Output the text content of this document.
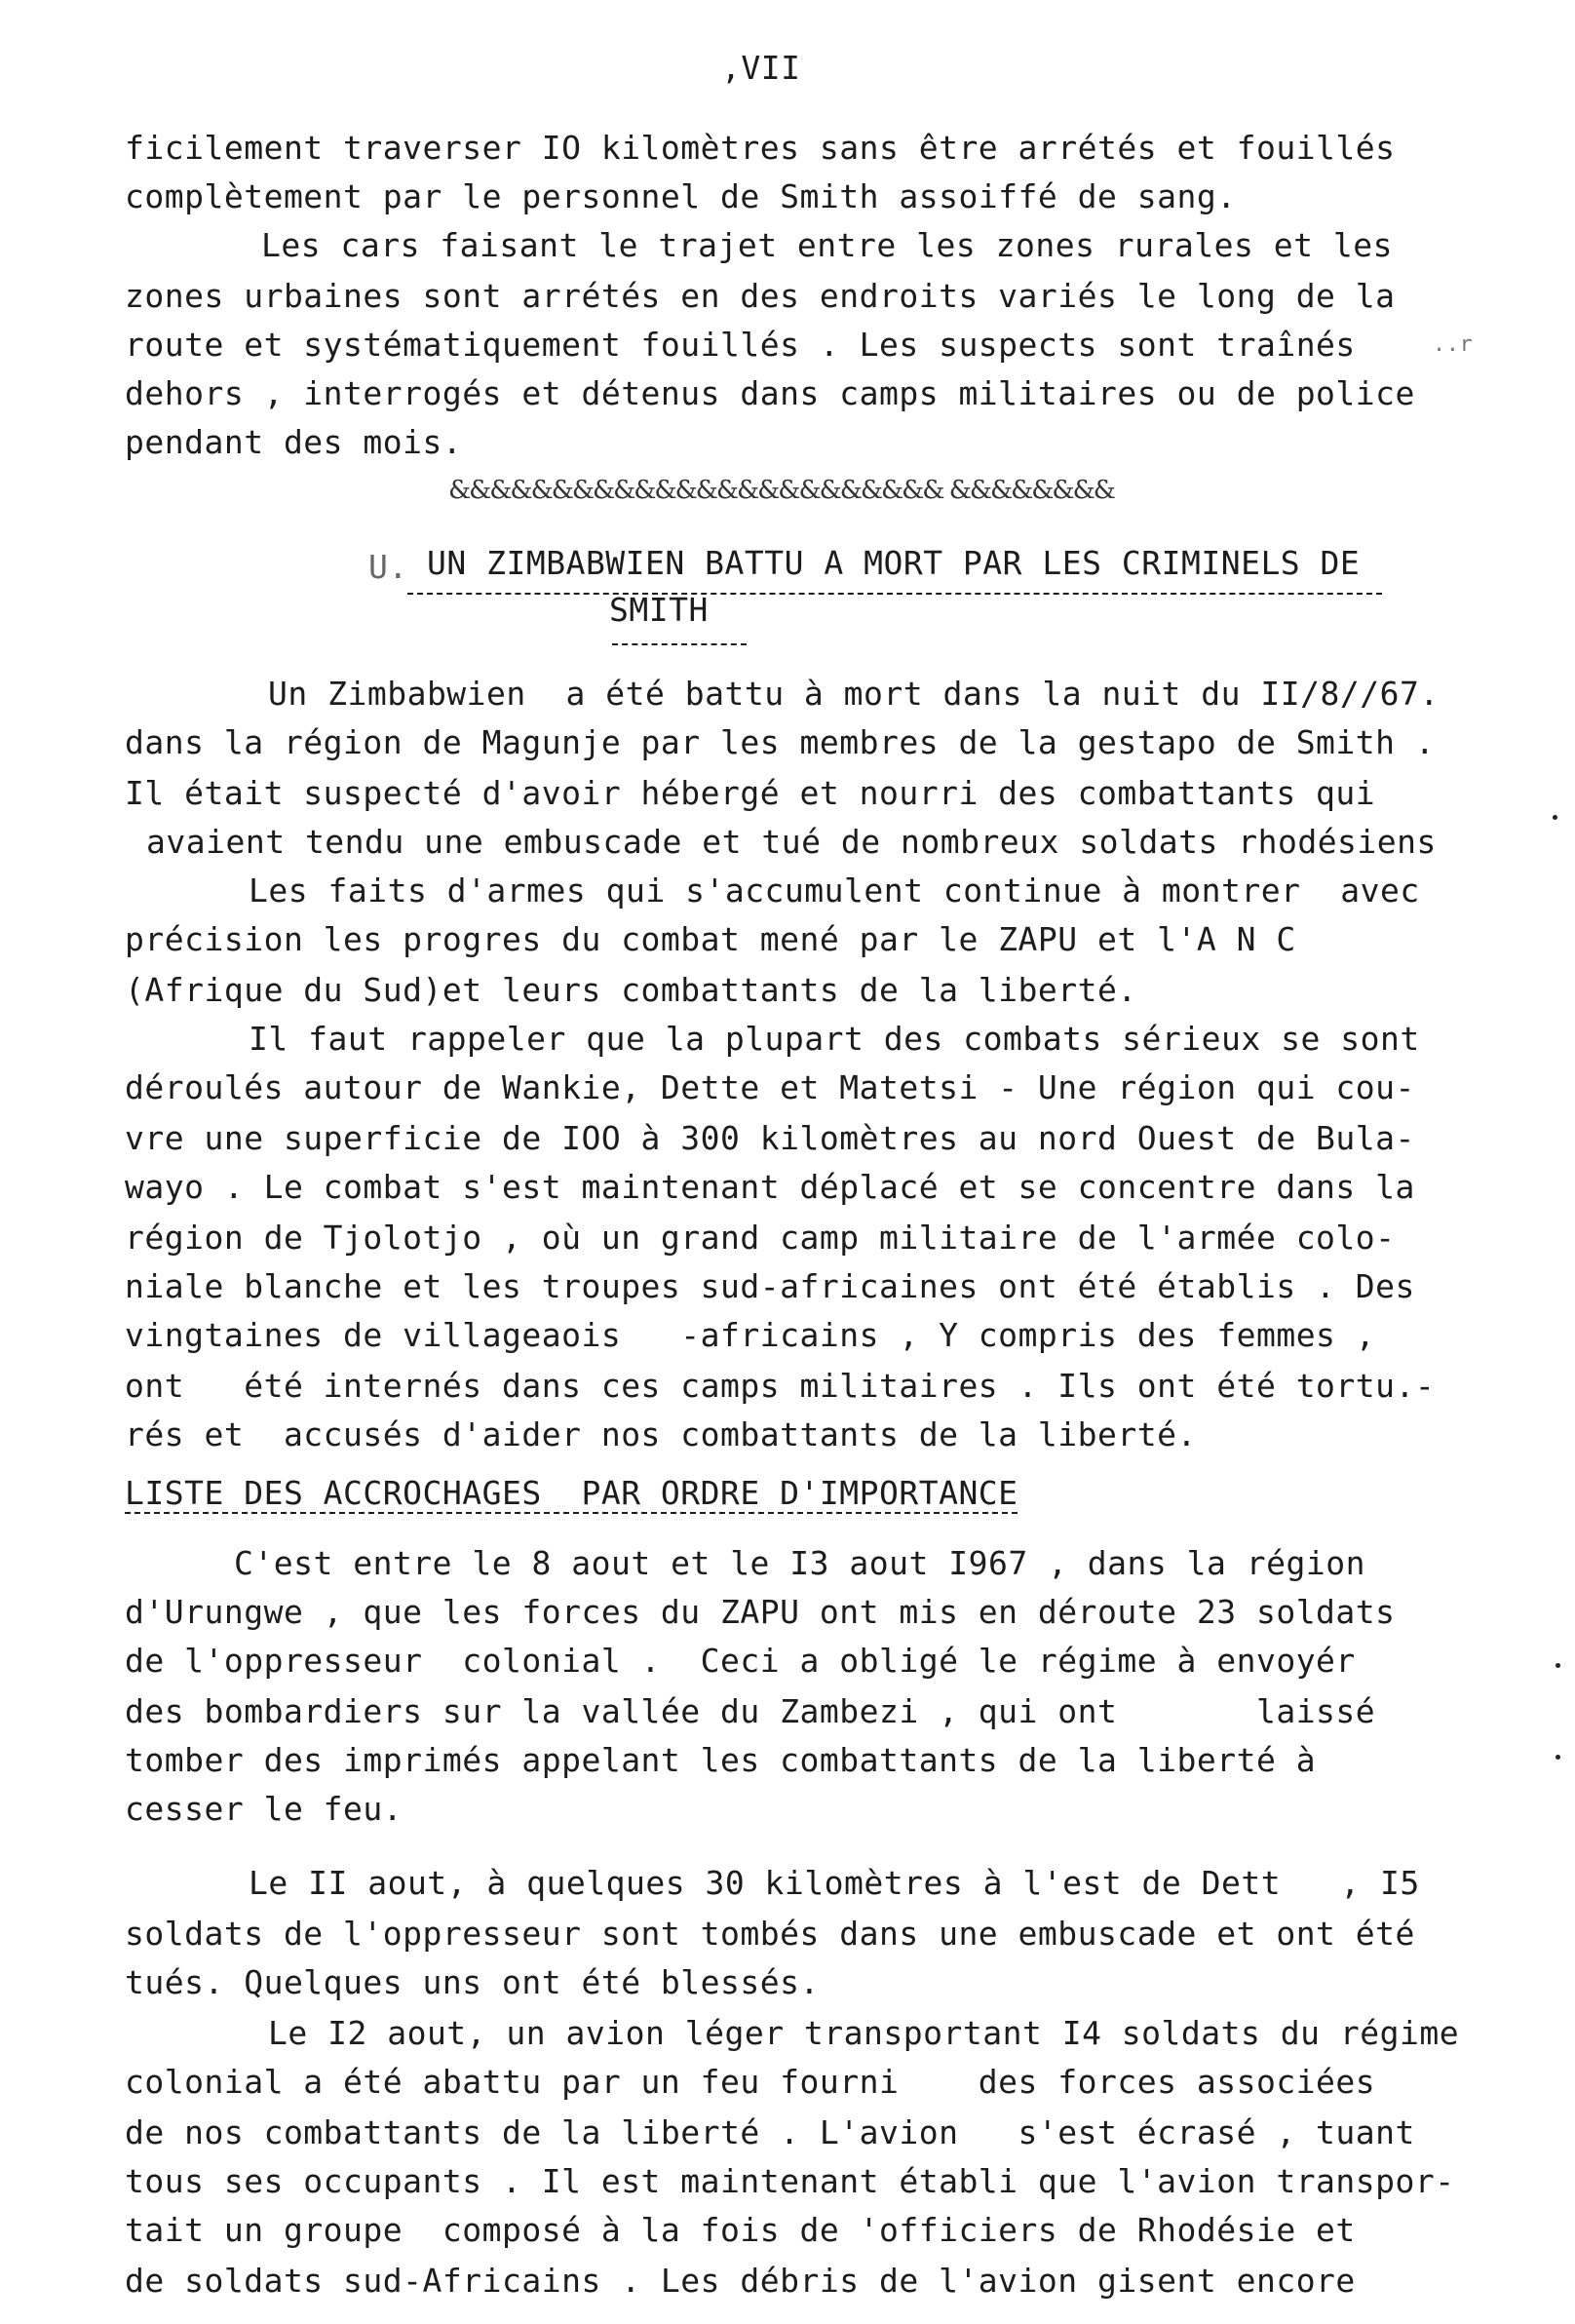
,VII
ficilement traverser IO kilomètres sans être arrétés et fouillés
complètement par le personnel de Smith assoiffé de sang.
Les cars faisant le trajet entre les zones rurales et les
zones urbaines sont arrétés en des endroits variés le long de la
route et systématiquement fouillés . Les suspects sont traînés	..r
dehors , interrogés et détenus dans camps militaires ou de police
pendant des mois.
&&&&&&&&&&&&&&&&&&&&&&&& &&&&&&&&
U. UN ZIMBABWIEN BATTU A MORT PAR LES CRIMINELS DE
SMITH
Un Zimbabwien  a été battu à mort dans la nuit du II/8//67.
dans la région de Magunje par les membres de la gestapo de Smith .
Il était suspecté d'avoir hébergé et nourri des combattants qui
avaient tendu une embuscade et tué de nombreux soldats rhodésiens
Les faits d'armes qui s'accumulent continue à montrer  avec
précision les progres du combat mené par le ZAPU et l'A N C
(Afrique du Sud)et leurs combattants de la liberté.
Il faut rappeler que la plupart des combats sérieux se sont
déroulés autour de Wankie, Dette et Matetsi - Une région qui cou-
vre une superficie de IOO à 300 kilomètres au nord Ouest de Bula-
wayo . Le combat s'est maintenant déplacé et se concentre dans la
région de Tjolotjo , où un grand camp militaire de l'armée colo-
niale blanche et les troupes sud-africaines ont été établis . Des
vingtaines de villageaois   -africains , Y compris des femmes ,
ont   été internés dans ces camps militaires . Ils ont été tortu.-
rés et  accusés d'aider nos combattants de la liberté.
LISTE DES ACCROCHAGES  PAR ORDRE D'IMPORTANCE
C'est entre le 8 aout et le I3 aout I967 , dans la région
d'Urungwe , que les forces du ZAPU ont mis en déroute 23 soldats
de l'oppresseur  colonial .  Ceci a obligé le régime à envoyér
des bombardiers sur la vallée du Zambezi , qui ont       laissé
tomber des imprimés appelant les combattants de la liberté à
cesser le feu.
Le II aout, à quelques 30 kilomètres à l'est de Dett   , I5
soldats de l'oppresseur sont tombés dans une embuscade et ont été
tués. Quelques uns ont été blessés.
Le I2 aout, un avion léger transportant I4 soldats du régime
colonial a été abattu par un feu fourni    des forces associées
de nos combattants de la liberté . L'avion   s'est écrasé , tuant
tous ses occupants . Il est maintenant établi que l'avion transpor-
tait un groupe  composé à la fois de 'officiers de Rhodésie et
de soldats sud-Africains . Les débris de l'avion gisent encore
